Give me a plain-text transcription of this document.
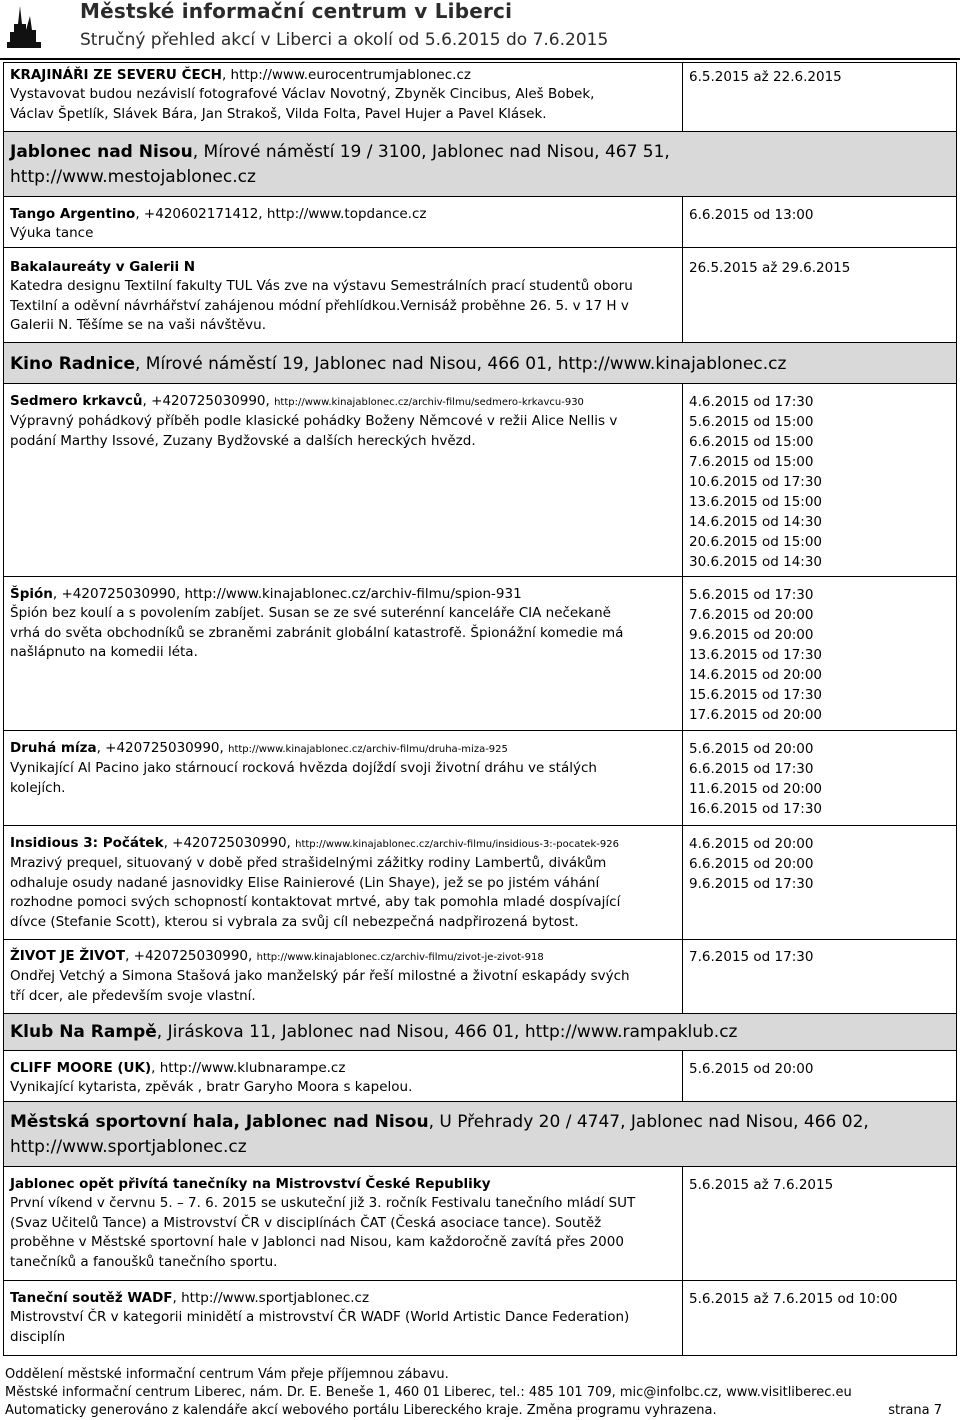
Městské informační centrum v Liberci
Stručný přehled akcí v Liberci a okolí od 5.6.2015 do 7.6.2015
KRAJINÁŘI ZE SEVERU ČECH, http://www.eurocentrumjablonec.cz
Vystavovat budou nezávislí fotografové Václav Novotný, Zbyněk Cincibus, Aleš Bobek,
Václav Špetlík, Slávek Bára, Jan Strakoš, Vilda Folta, Pavel Hujer a Pavel Klásek.
6.5.2015 až 22.6.2015
Jablonec nad Nisou, Mírové náměstí 19 / 3100, Jablonec nad Nisou, 467 51,
http://www.mestojablonec.cz
Tango Argentino, +420602171412, http://www.topdance.cz
Výuka tance
6.6.2015 od 13:00
Bakalaureáty v Galerii N
Katedra designu Textilní fakulty TUL Vás zve na výstavu Semestrálních prací studentů oboru
Textilní a oděvní návrhářství zahájenou módní přehlídkou.Vernisáž proběhne 26. 5. v 17 H v
Galerii N. Těšíme se na vaši návštěvu.
26.5.2015 až 29.6.2015
Kino Radnice, Mírové náměstí 19, Jablonec nad Nisou, 466 01, http://www.kinajablonec.cz
Sedmero krkavců, +420725030990, http://www.kinajablonec.cz/archiv-filmu/sedmero-krkavcu-930
Výpravný pohádkový příběh podle klasické pohádky Boženy Němcové v režii Alice Nellis v
podání Marthy Issové, Zuzany Bydžovské a dalších hereckých hvězd.
4.6.2015 od 17:30
5.6.2015 od 15:00
6.6.2015 od 15:00
7.6.2015 od 15:00
10.6.2015 od 17:30
13.6.2015 od 15:00
14.6.2015 od 14:30
20.6.2015 od 15:00
30.6.2015 od 14:30
Špión, +420725030990, http://www.kinajablonec.cz/archiv-filmu/spion-931
Špión bez koulí a s povolením zabíjet. Susan se ze své suterénní kanceláře CIA nečekaně
vrhá do světa obchodníků se zbraněmi zabránit globální katastrofě. Špionážní komedie má
našlápnuto na komedii léta.
5.6.2015 od 17:30
7.6.2015 od 20:00
9.6.2015 od 20:00
13.6.2015 od 17:30
14.6.2015 od 20:00
15.6.2015 od 17:30
17.6.2015 od 20:00
Druhá míza, +420725030990, http://www.kinajablonec.cz/archiv-filmu/druha-miza-925
Vynikající Al Pacino jako stárnoucí rocková hvězda dojíždí svoji životní dráhu ve stálých
kolejích.
5.6.2015 od 20:00
6.6.2015 od 17:30
11.6.2015 od 20:00
16.6.2015 od 17:30
Insidious 3: Počátek, +420725030990, http://www.kinajablonec.cz/archiv-filmu/insidious-3:-pocatek-926
Mrazivý prequel, situovaný v době před strašidelnými zážitky rodiny Lambertů, divákům
odhaluje osudy nadané jasnovidky Elise Rainierové (Lin Shaye), jež se po jistém váhání
rozhodne pomoci svých schopností kontaktovat mrtvé, aby tak pomohla mladé dospívající
dívce (Stefanie Scott), kterou si vybrala za svůj cíl nebezpečná nadpřirozená bytost.
4.6.2015 od 20:00
6.6.2015 od 20:00
9.6.2015 od 17:30
ŽIVOT JE ŽIVOT, +420725030990, http://www.kinajablonec.cz/archiv-filmu/zivot-je-zivot-918
Ondřej Vetchý a Simona Stašová jako manželský pár řeší milostné a životní eskapády svých
tří dcer, ale především svoje vlastní.
7.6.2015 od 17:30
Klub Na Rampě, Jiráskova 11, Jablonec nad Nisou, 466 01, http://www.rampaklub.cz
CLIFF MOORE (UK), http://www.klubnarampe.cz
Vynikající kytarista, zpěvák , bratr Garyho Moora s kapelou.
5.6.2015 od 20:00
Městská sportovní hala, Jablonec nad Nisou, U Přehrady 20 / 4747, Jablonec nad Nisou, 466 02,
http://www.sportjablonec.cz
Jablonec opět přivítá tanečníky na Mistrovství České Republiky
První víkend v červnu 5. – 7. 6. 2015 se uskuteční již 3. ročník Festivalu tanečního mládí SUT
(Svaz Učitelů Tance) a Mistrovství ČR v disciplínách ČAT (Česká asociace tance). Soutěž
proběhne v Městské sportovní hale v Jablonci nad Nisou, kam každoročně zavítá přes 2000
tanečníků a fanoušků tanečního sportu.
5.6.2015 až 7.6.2015
Taneční soutěž WADF, http://www.sportjablonec.cz
Mistrovství ČR v kategorii minidětí a mistrovství ČR WADF (World Artistic Dance Federation)
disciplín
5.6.2015 až 7.6.2015 od 10:00
Oddělení městské informační centrum Vám přeje příjemnou zábavu.
Městské informační centrum Liberec, nám. Dr. E. Beneše 1, 460 01 Liberec, tel.: 485 101 709, mic@infolbc.cz, www.visitliberec.eu
Automaticky generováno z kalendáře akcí webového portálu Libereckého kraje. Změna programu vyhrazena.	strana 7
